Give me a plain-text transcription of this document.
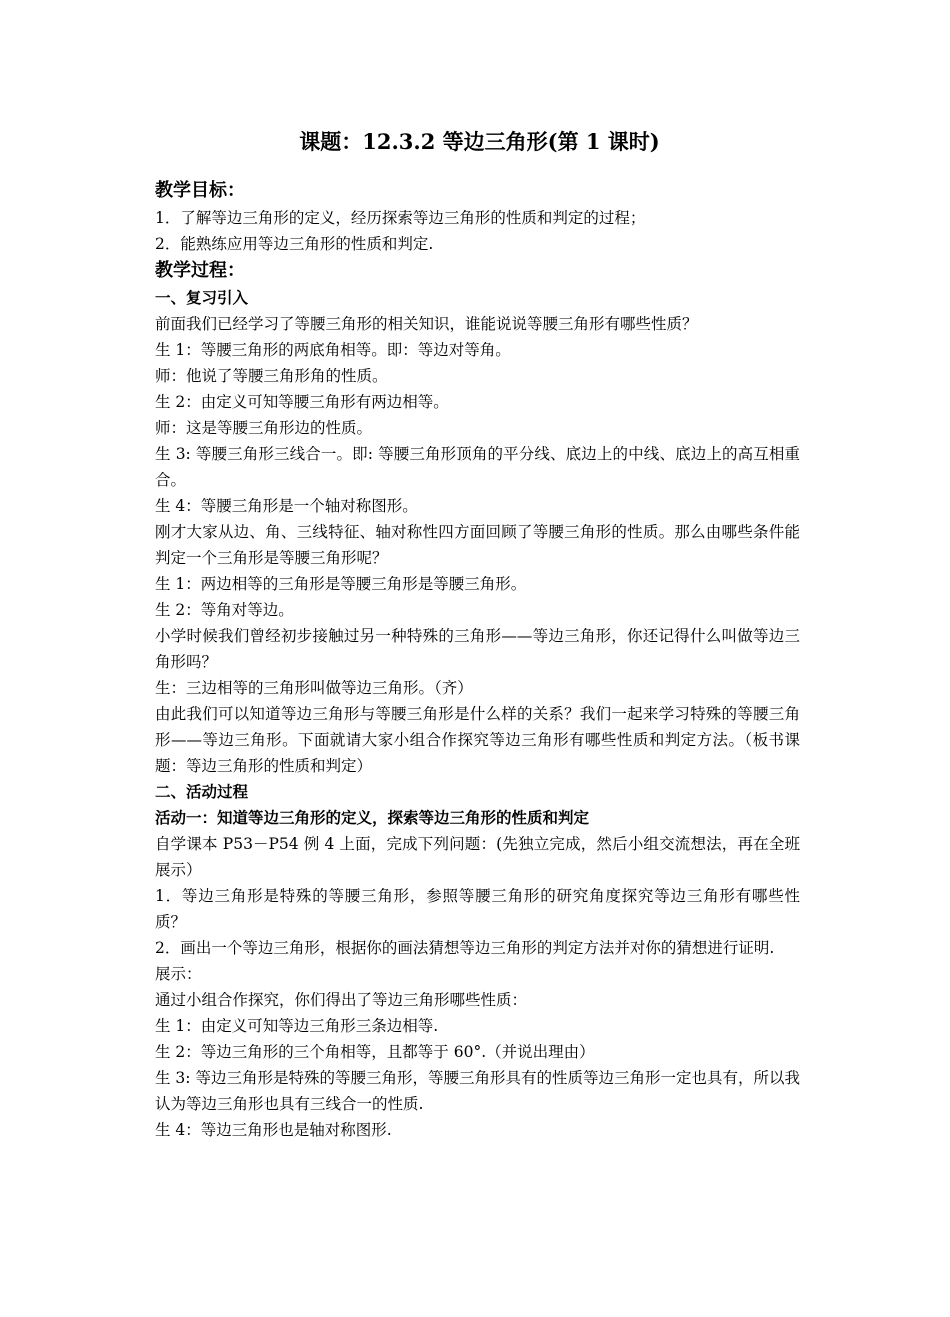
课题：12.3.2 等边三角形(第 1 课时)
教学目标：
1．了解等边三角形的定义，经历探索等边三角形的性质和判定的过程；
2．能熟练应用等边三角形的性质和判定.
教学过程：
一、复习引入
前面我们已经学习了等腰三角形的相关知识，谁能说说等腰三角形有哪些性质？
生 1：等腰三角形的两底角相等。即：等边对等角。
师：他说了等腰三角形角的性质。
生 2：由定义可知等腰三角形有两边相等。
师：这是等腰三角形边的性质。
生 3: 等腰三角形三线合一。即: 等腰三角形顶角的平分线、底边上的中线、底边上的高互相重合。
生 4：等腰三角形是一个轴对称图形。
刚才大家从边、角、三线特征、轴对称性四方面回顾了等腰三角形的性质。那么由哪些条件能判定一个三角形是等腰三角形呢？
生 1：两边相等的三角形是等腰三角形是等腰三角形。
生 2：等角对等边。
小学时候我们曾经初步接触过另一种特殊的三角形——等边三角形，你还记得什么叫做等边三角形吗？
生：三边相等的三角形叫做等边三角形。（齐）
由此我们可以知道等边三角形与等腰三角形是什么样的关系？我们一起来学习特殊的等腰三角形——等边三角形。下面就请大家小组合作探究等边三角形有哪些性质和判定方法。（板书课题：等边三角形的性质和判定）
二、活动过程
活动一：知道等边三角形的定义，探索等边三角形的性质和判定
自学课本 P53－P54 例 4 上面，完成下列问题：(先独立完成，然后小组交流想法，再在全班展示）
1．等边三角形是特殊的等腰三角形，参照等腰三角形的研究角度探究等边三角形有哪些性质？
2．画出一个等边三角形，根据你的画法猜想等边三角形的判定方法并对你的猜想进行证明.
展示：
通过小组合作探究，你们得出了等边三角形哪些性质：
生 1：由定义可知等边三角形三条边相等.
生 2：等边三角形的三个角相等，且都等于 60°.（并说出理由）
生 3: 等边三角形是特殊的等腰三角形，等腰三角形具有的性质等边三角形一定也具有，所以我认为等边三角形也具有三线合一的性质.
生 4：等边三角形也是轴对称图形.
